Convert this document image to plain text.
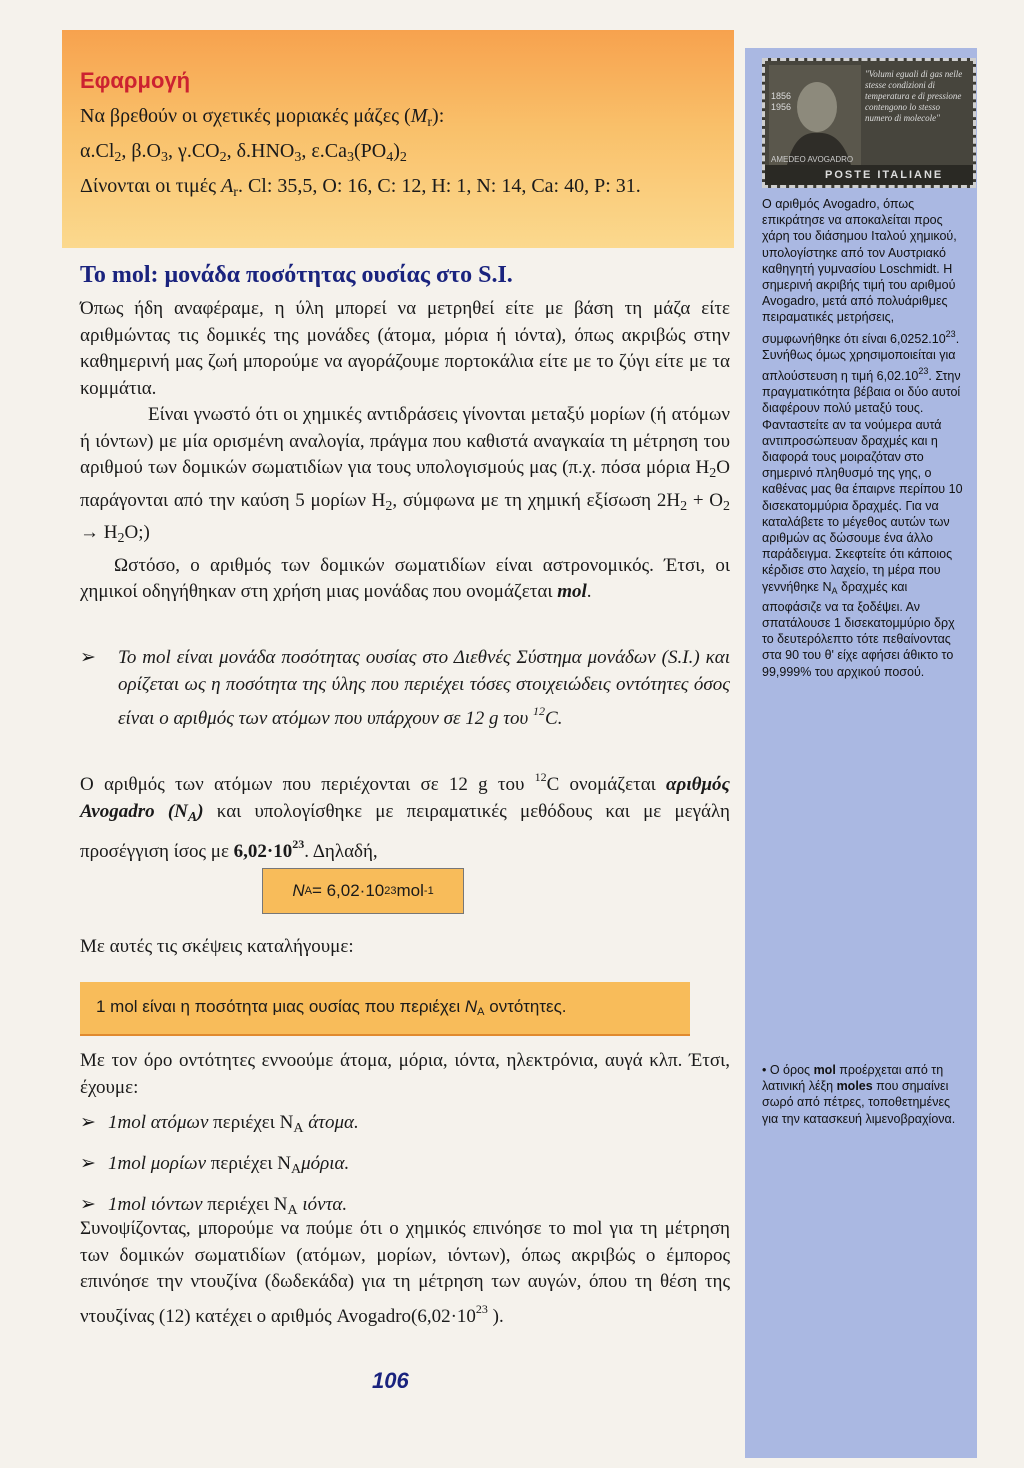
Εφαρμογή
Να βρεθούν οι σχετικές μοριακές μάζες $(M_r)$:
$\alpha.Cl_2$, $\beta.O_3$, $\gamma.CO_2$, $\delta.HNO_3$, $\varepsilon.Ca_3(PO_4)_2$
Δίνονται οι τιμές $A_r$. Cl: 35,5, O: 16, C: 12, H: 1, N: 14, Ca: 40, P: 31.
Το mol: μονάδα ποσότητας ουσίας στο S.I.

Όπως ήδη αναφέραμε, η ύλη μπορεί να μετρηθεί είτε με βάση τη μάζα είτε αριθμώντας τις δομικές της μονάδες (άτομα, μόρια ή ιόντα), όπως ακριβώς στην καθημερινή μας ζωή μπορούμε να αγοράζουμε πορτοκάλια είτε με το ζύγι είτε με τα κομμάτια.

Είναι γνωστό ότι οι χημικές αντιδράσεις γίνονται μεταξύ μορίων (ή ατόμων ή ιόντων) με μία ορισμένη αναλογία, πράγμα που καθιστά αναγκαία τη μέτρηση του αριθμού των δομικών σωματιδίων για τους υπολογισμούς μας (π.χ. πόσα μόρια $H_2O$ παράγονται από την καύση 5 μορίων $H_2$, σύμφωνα με τη χημική εξίσωση $2H_2 + O_2$ → $H_2O$;)

Ωστόσο, ο αριθμός των δομικών σωματιδίων είναι αστρονομικός. Έτσι, οι χημικοί οδηγήθηκαν στη χρήση μιας μονάδας που ονομάζεται mol.

➢ Το mol είναι μονάδα ποσότητας ουσίας στο Διεθνές Σύστημα μονάδων (S.I.) και ορίζεται ως η ποσότητα της ύλης που περιέχει τόσες στοιχειώδεις οντότητες όσος είναι ο αριθμός των ατόμων που υπάρχουν σε 12 g του $^{12}$C.

Ο αριθμός των ατόμων που περιέχονται σε 12 g του $^{12}$C ονομάζεται αριθμός Avogadro $(N_A)$ και υπολογίσθηκε με πειραματικές μεθόδους και με μεγάλη προσέγγιση ίσος με $6,02\cdot 10^{23}$. Δηλαδή,

N A = 6,02·10 23 mol -1
Με αυτές τις σκέψεις καταλήγουμε:
1 mol είναι η ποσότητα μιας ουσίας που περιέχει $N_A$ οντότητες.
Με τον όρο οντότητες εννοούμε άτομα, μόρια, ιόντα, ηλεκτρόνια, αυγά κλπ. Έτσι, έχουμε:
➢ 1mol ατόμων περιέχει $N_A$ άτομα.
➢ 1mol μορίων περιέχει $N_A\mu ό\rho\iota\alpha$.
➢ 1mol ιόντων περιέχει $N_A$ ιόντα.
Συνοψίζοντας, μπορούμε να πούμε ότι ο χημικός επινόησε το mol για τη μέτρηση των δομικών σωματιδίων (ατόμων, μορίων, ιόντων), όπως ακριβώς ο έμπορος επινόησε την ντουζίνα (δωδεκάδα) για τη μέτρηση των αυγών, όπου τη θέση της ντουζίνας (12) κατέχει ο αριθμός $Avogadro(6,02\cdot 10^{23}$ ).
106
1856
1956
"Volumi eguali di gas nelle stesse condizioni di temperatura e di pressione contengono lo stesso numero di molecole"
AMEDEO AVOGADRO
POSTE ITALIANE
Ο αριθμός Avogadro, όπως επικράτησε να αποκαλείται προς χάρη του διάσημου Ιταλού χημικού, υπολογίστηκε από τον Αυστριακό καθηγητή γυμνασίου Loschmidt. Η σημερινή ακριβής τιμή του αριθμού Avogadro, μετά από πολυάριθμες πειραματικές μετρήσεις, συμφωνήθηκε ότι είναι 6,0252.10$^{23}$. Συνήθως όμως χρησιμοποιείται για απλούστευση η τιμή 6,02.10$^{23}$. Στην πραγματικότητα βέβαια οι δύο αυτοί διαφέρουν πολύ μεταξύ τους. Φανταστείτε αν τα νούμερα αυτά αντιπροσώπευαν δραχμές και η διαφορά τους μοιραζόταν στο σημερινό πληθυσμό της γης, ο καθένας μας θα έπαιρνε περίπου 10 δισεκατομμύρια δραχμές. Για να καταλάβετε το μέγεθος αυτών των αριθμών ας δώσουμε ένα άλλο παράδειγμα. Σκεφτείτε ότι κάποιος κέρδισε στο λαχείο, τη μέρα που γεννήθηκε $N_A$ δραχμές και αποφάσιζε να τα ξοδέψει. Αν σπατάλουσε 1 δισεκατομμύριο δρχ το δευτερόλεπτο τότε πεθαίνοντας στα 90 του θ' είχε αφήσει άθικτο το 99,999% του αρχικού ποσού.
• Ο όρος mol προέρχεται από τη λατινική λέξη moles που σημαίνει σωρό από πέτρες, τοποθετημένες για την κατασκευή λιμενοβραχίονα.
